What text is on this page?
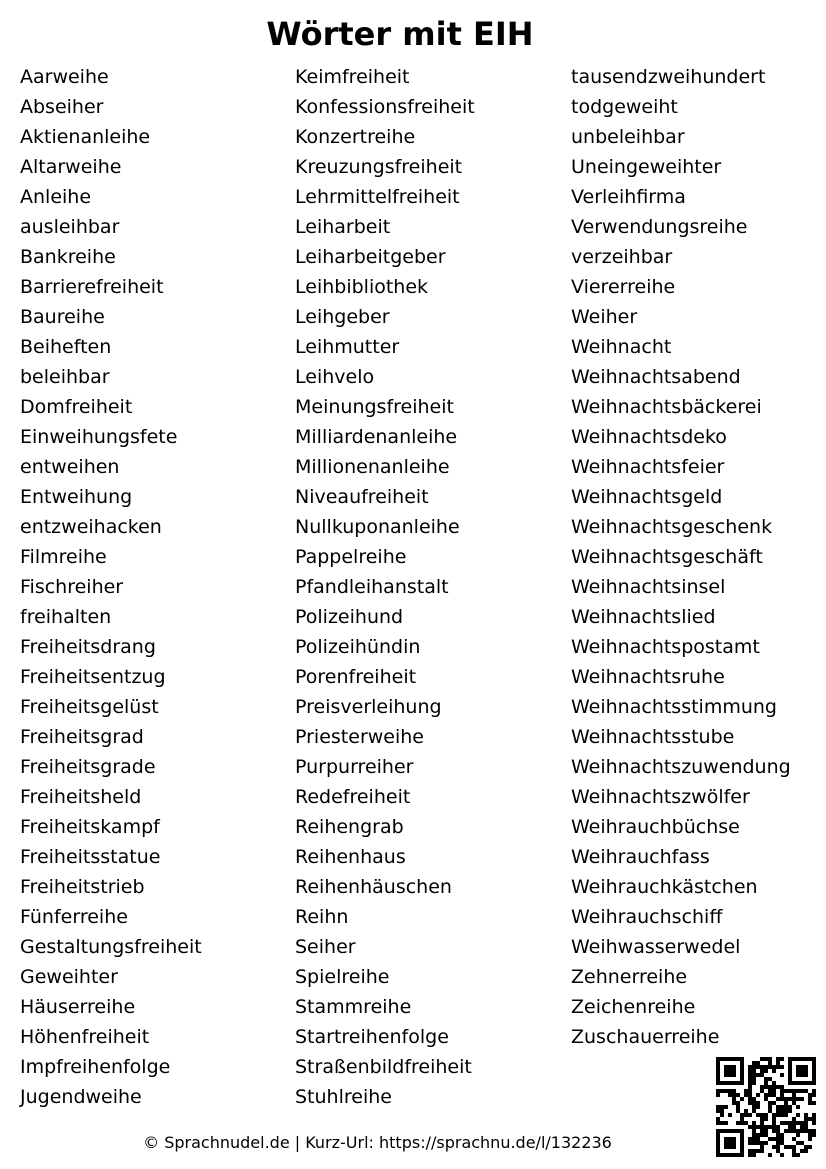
Wörter mit EIH
Aarweihe
Abseiher
Aktienanleihe
Altarweihe
Anleihe
ausleihbar
Bankreihe
Barrierefreiheit
Baureihe
Beiheften
beleihbar
Domfreiheit
Einweihungsfete
entweihen
Entweihung
entzweihacken
Filmreihe
Fischreiher
freihalten
Freiheitsdrang
Freiheitsentzug
Freiheitsgelüst
Freiheitsgrad
Freiheitsgrade
Freiheitsheld
Freiheitskampf
Freiheitsstatue
Freiheitstrieb
Fünferreihe
Gestaltungsfreiheit
Geweihter
Häuserreihe
Höhenfreiheit
Impfreihenfolge
Jugendweihe
Keimfreiheit
Konfessionsfreiheit
Konzertreihe
Kreuzungsfreiheit
Lehrmittelfreiheit
Leiharbeit
Leiharbeitgeber
Leihbibliothek
Leihgeber
Leihmutter
Leihvelo
Meinungsfreiheit
Milliardenanleihe
Millionenanleihe
Niveaufreiheit
Nullkuponanleihe
Pappelreihe
Pfandleihanstalt
Polizeihund
Polizeihündin
Porenfreiheit
Preisverleihung
Priesterweihe
Purpurreiher
Redefreiheit
Reihengrab
Reihenhaus
Reihenhäuschen
Reihn
Seiher
Spielreihe
Stammreihe
Startreihenfolge
Straßenbildfreiheit
Stuhlreihe
tausendzweihundert
todgeweiht
unbeleihbar
Uneingeweihter
Verleihfirma
Verwendungsreihe
verzeihbar
Viererreihe
Weiher
Weihnacht
Weihnachtsabend
Weihnachtsbäckerei
Weihnachtsdeko
Weihnachtsfeier
Weihnachtsgeld
Weihnachtsgeschenk
Weihnachtsgeschäft
Weihnachtsinsel
Weihnachtslied
Weihnachtspostamt
Weihnachtsruhe
Weihnachtsstimmung
Weihnachtsstube
Weihnachtszuwendung
Weihnachtszwölfer
Weihrauchbüchse
Weihrauchfass
Weihrauchkästchen
Weihrauchschiff
Weihwasserwedel
Zehnerreihe
Zeichenreihe
Zuschauerreihe
© Sprachnudel.de | Kurz-Url: https://sprachnu.de/l/132236
